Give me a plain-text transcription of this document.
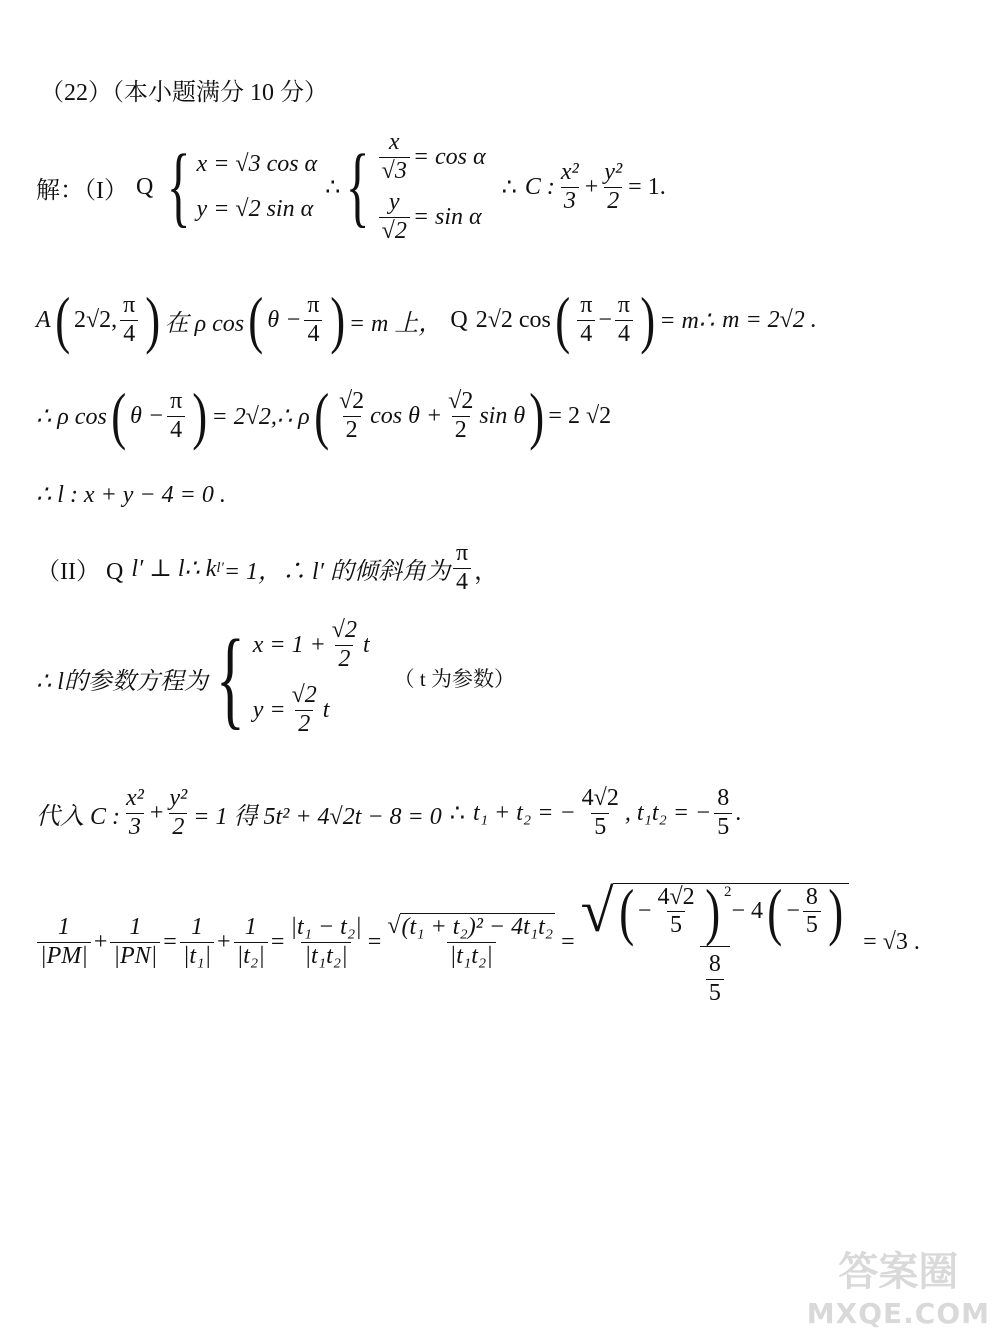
（22）（本小题满分 10 分）
解：（I） Q { x = √3 cos α
y = √2 sin α
∴ { $\frac{x}{√3} = \cos \alpha$
$\frac{y}{√2} = \sin \alpha$
∴ C : $\frac{\text{x²}}{3} + \frac{\text{y²}}{2} = 1$.
A ( 2√2, $\frac{\pi}{4}$ ) 在 ρ cos ( $\theta - \frac{\pi}{4}$ ) = m 上， Q 2√2 cos ( $\frac{\pi}{4} - \frac{\pi}{4}$ ) = m∴ m = 2√2 .
∴ ρ cos ( $\theta - \frac{\pi}{4}$ ) = 2√2,∴ ρ ( $\frac{√2}{2}$ $\cos \theta + \frac{√2}{2}$ sin θ ) = 2 √2
∴ l : x + y − 4 = 0 .
（II） Q l′ ⊥ l∴ k l′ = 1，∴ l′ 的倾斜角为 $\frac{\pi}{4}$ ，
∴ l的参数方程为 { $x = 1 + \frac{√2}{2}$ t
$y = \frac{√2}{2}$ t
（ t 为参数）
代入 C : $\frac{\text{x²}}{3} + \frac{\text{y²}}{2} = 1$ 得 5t² + 4√2t − 8 = 0 ∴ t₁ + t₂ = − $\frac{4√2}{5}$ , t₁t₂ = − $\frac{8}{5}$ .
$\frac{1}{|PM|} + \frac{1}{|PN|} = \frac{1}{\text{|t₁|}} + \frac{1}{\text{|t₂|}} = \frac{\text{|t₁ − t₂|}}{\text{|t₁t₂|}} = \frac{\text{√ (t₁ + t₂)² − 4t₁t₂}}{\text{|t₁t₂|}}$ = √ ( − $\frac{4√2}{5}$ ) $^2$
− 4 ( − $\frac{8}{5}$ )
$\frac{8}{5}$
= √3 .
答案圈
MXQE.COM
